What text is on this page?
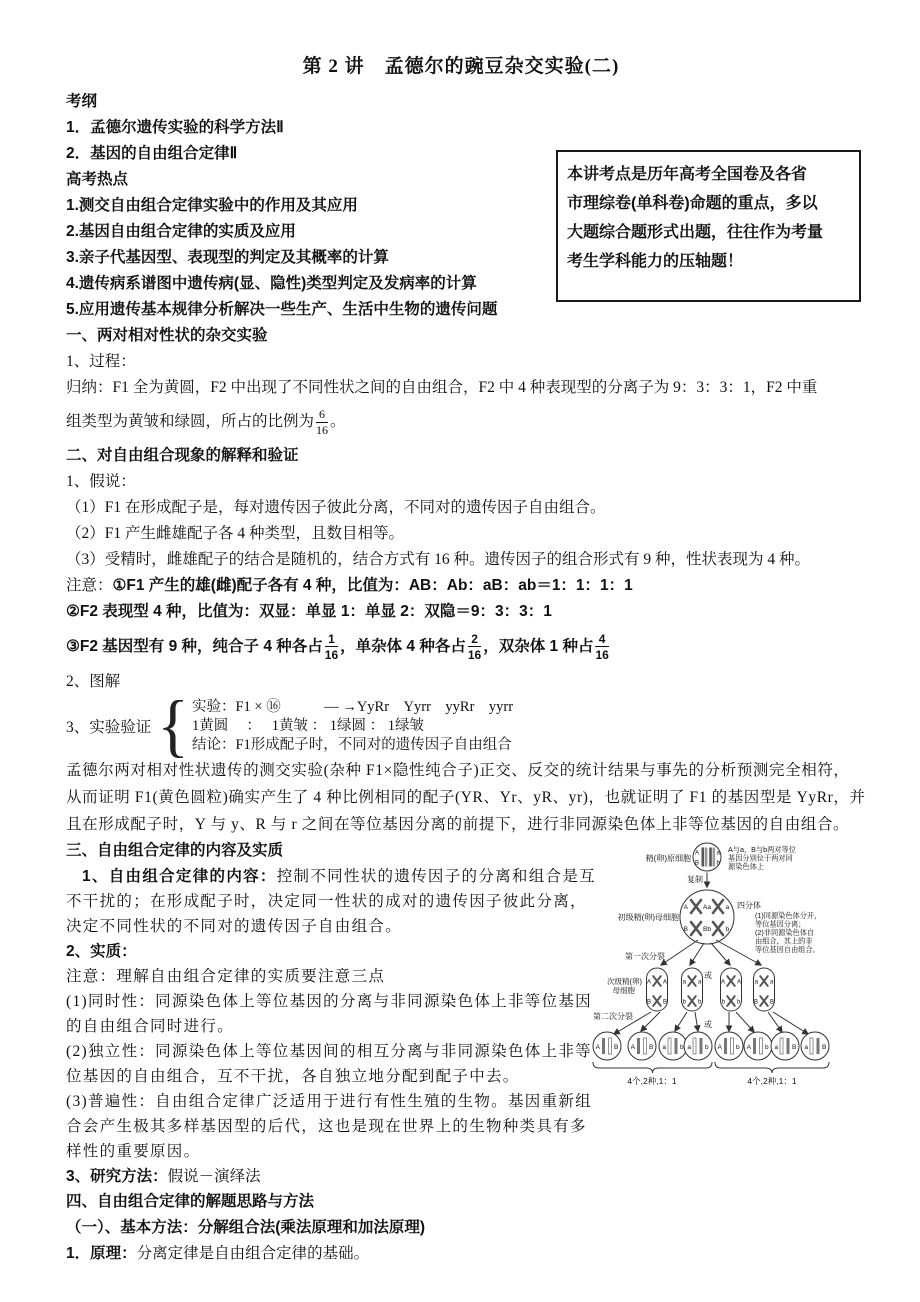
第 2 讲　孟德尔的豌豆杂交实验(二)
考纲
1．孟德尔遗传实验的科学方法Ⅱ
2．基因的自由组合定律Ⅱ
高考热点
1.测交自由组合定律实验中的作用及其应用
2.基因自由组合定律的实质及应用
3.亲子代基因型、表现型的判定及其概率的计算
4.遗传病系谱图中遗传病(显、隐性)类型判定及发病率的计算
5.应用遗传基本规律分析解决一些生产、生活中生物的遗传问题
一、两对相对性状的杂交实验
1、过程：
归纳：F1 全为黄圆，F2 中出现了不同性状之间的自由组合，F2 中 4 种表现型的分离子为 9：3：3：1，F2 中重
组类型为黄皱和绿圆，所占的比例为 $\frac{6}{16}$ 。
二、对自由组合现象的解释和验证
1、假说：
（1）F1 在形成配子是，每对遗传因子彼此分离，不同对的遗传因子自由组合。
（2）F1 产生雌雄配子各 4 种类型，且数目相等。
（3）受精时，雌雄配子的结合是随机的，结合方式有 16 种。遗传因子的组合形式有 9 种，性状表现为 4 种。
注意：①F1 产生的雄(雌)配子各有 4 种，比值为：AB：Ab：aB：ab＝1：1：1：1
②F2 表现型 4 种，比值为：双显：单显 1：单显 2：双隐＝9：3：3：1
③F2 基因型有 9 种，纯合子 4 种各占 $\frac{1}{16}$ ，单杂体 4 种各占 $\frac{2}{16}$ ，双杂体 1 种占 $\frac{4}{16}$
2、图解
3、实验验证 { 实验：F1 × ⑯　　　— →YyRr　Yyrr　yyRr　yyrr
1黄圆　 ：　 1黄皱 ： 1绿圆 ： 1绿皱
结论：F1形成配子时，不同对的遗传因子自由组合
孟德尔两对相对性状遗传的测交实验(杂种 F1×隐性纯合子)正交、反交的统计结果与事先的分析预测完全相符，
从而证明 F1(黄色圆粒)确实产生了 4 种比例相同的配子(YR、Yr、yR、yr)，也就证明了 F1 的基因型是 YyRr，并
且在形成配子时，Y 与 y、R 与 r 之间在等位基因分离的前提下，进行非同源染色体上非等位基因的自由组合。
三、自由组合定律的内容及实质
1、自由组合定律的内容：控制不同性状的遗传因子的分离和组合是互
不干扰的；在形成配子时，决定同一性状的成对的遗传因子彼此分离，
决定不同性状的不同对的遗传因子自由组合。
2、实质：
注意：理解自由组合定律的实质要注意三点
(1)同时性：同源染色体上等位基因的分离与非同源染色体上非等位基因
的自由组合同时进行。
(2)独立性：同源染色体上等位基因间的相互分离与非同源染色体上非等
位基因的自由组合，互不干扰，各自独立地分配到配子中去。
(3)普遍性：自由组合定律广泛适用于进行有性生殖的生物。基因重新组
合会产生极其多样基因型的后代，这也是现在世界上的生物种类具有多
样性的重要原因。
3、研究方法：假说－演绎法
四、自由组合定律的解题思路与方法
（一）、基本方法：分解组合法(乘法原理和加法原理)
1．原理：分离定律是自由组合定律的基础。
本讲考点是历年高考全国卷及各省
市理综卷(单科卷)命题的重点，多以
大题综合题形式出题，往往作为考量
考生学科能力的压轴题！
精(卵)原细胞
A	a
B	b
A与a，B与b两对等位
基因分别位于两对同
源染色体上
复制
初级精(卵)母细胞
A Aa a
B Bb b
四分体
(1)同源染色体分开，
等位基因分离；
(2)非同源染色体自
由组合，其上的非
等位基因自由组合。
第一次分裂
次级精(卵)
母细胞
或
A A
B B
a a
b b
A A
b b
a a
B B
第二次分裂
或
A B A B a b a b A b A b a B a B
4个,2种,1：1	4个,2种,1：1
